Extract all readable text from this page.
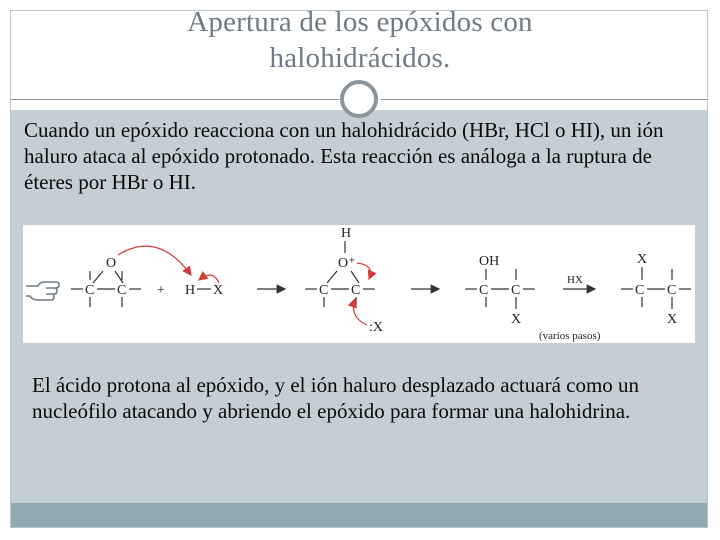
Apertura de los epóxidos con
halohidrácidos.

Cuando un epóxido reacciona con un halohidrácido (HBr, HCl o HI), un ión haluro ataca al epóxido protonado. Esta reacción es análoga a la ruptura de éteres por HBr o HI.

O
C C + H X
H
O⁺
C C
:X
OH
C C
X
HX
(varios pasos)
X
C C
X

El ácido protona al epóxido, y el ión haluro desplazado actuará como un nucleófilo atacando y abriendo el epóxido para formar una halohidrina.
